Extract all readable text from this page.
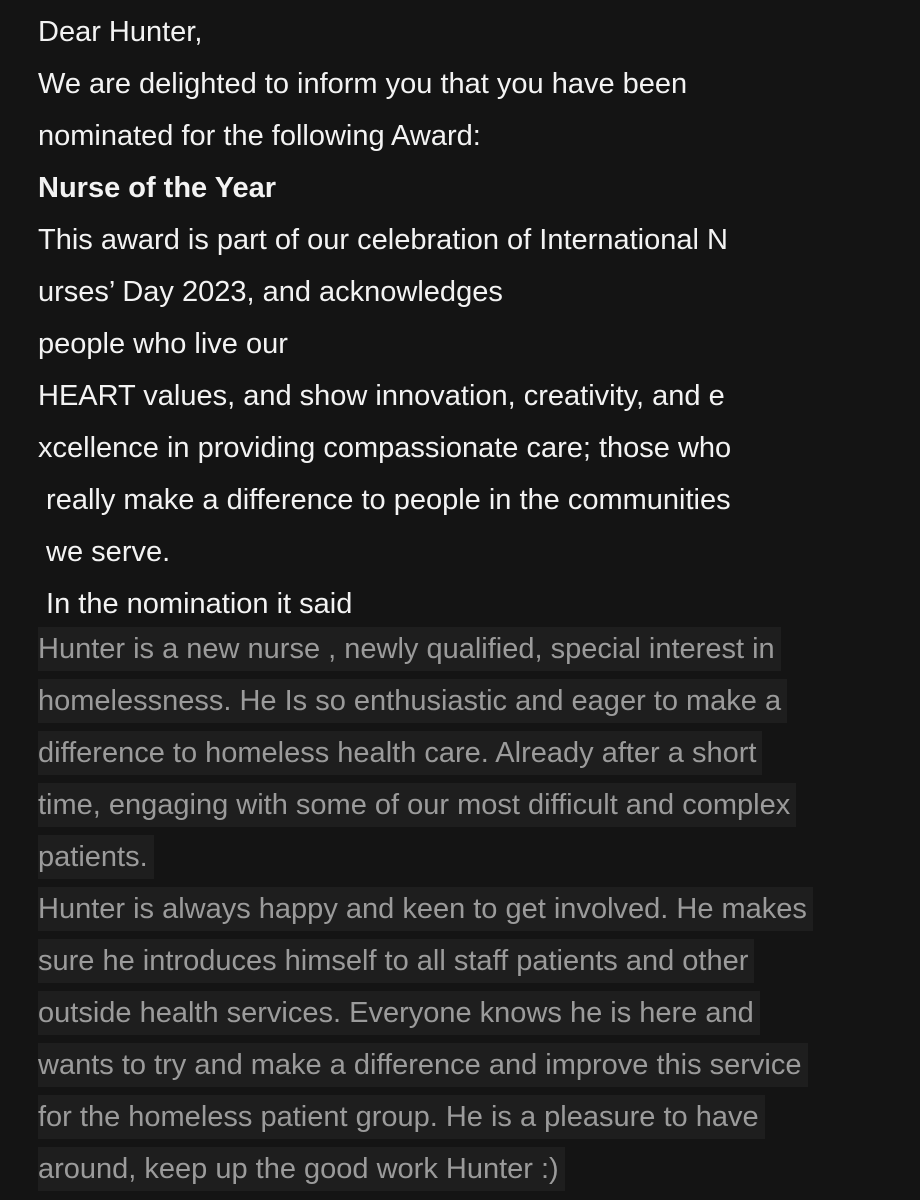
Dear Hunter,
We are delighted to inform you that you have been
nominated for the following Award:
Nurse of the Year
This award is part of our celebration of International N
urses’ Day 2023, and acknowledges
people who live our
HEART values, and show innovation, creativity, and e
xcellence in providing compassionate care; those who
really make a difference to people in the communities
we serve.
In the nomination it said
Hunter is a new nurse , newly qualified, special interest in
homelessness. He Is so enthusiastic and eager to make a
difference to homeless health care. Already after a short
time, engaging with some of our most difficult and complex
patients.
Hunter is always happy and keen to get involved. He makes
sure he introduces himself to all staff patients and other
outside health services. Everyone knows he is here and
wants to try and make a difference and improve this service
for the homeless patient group. He is a pleasure to have
around, keep up the good work Hunter :)
